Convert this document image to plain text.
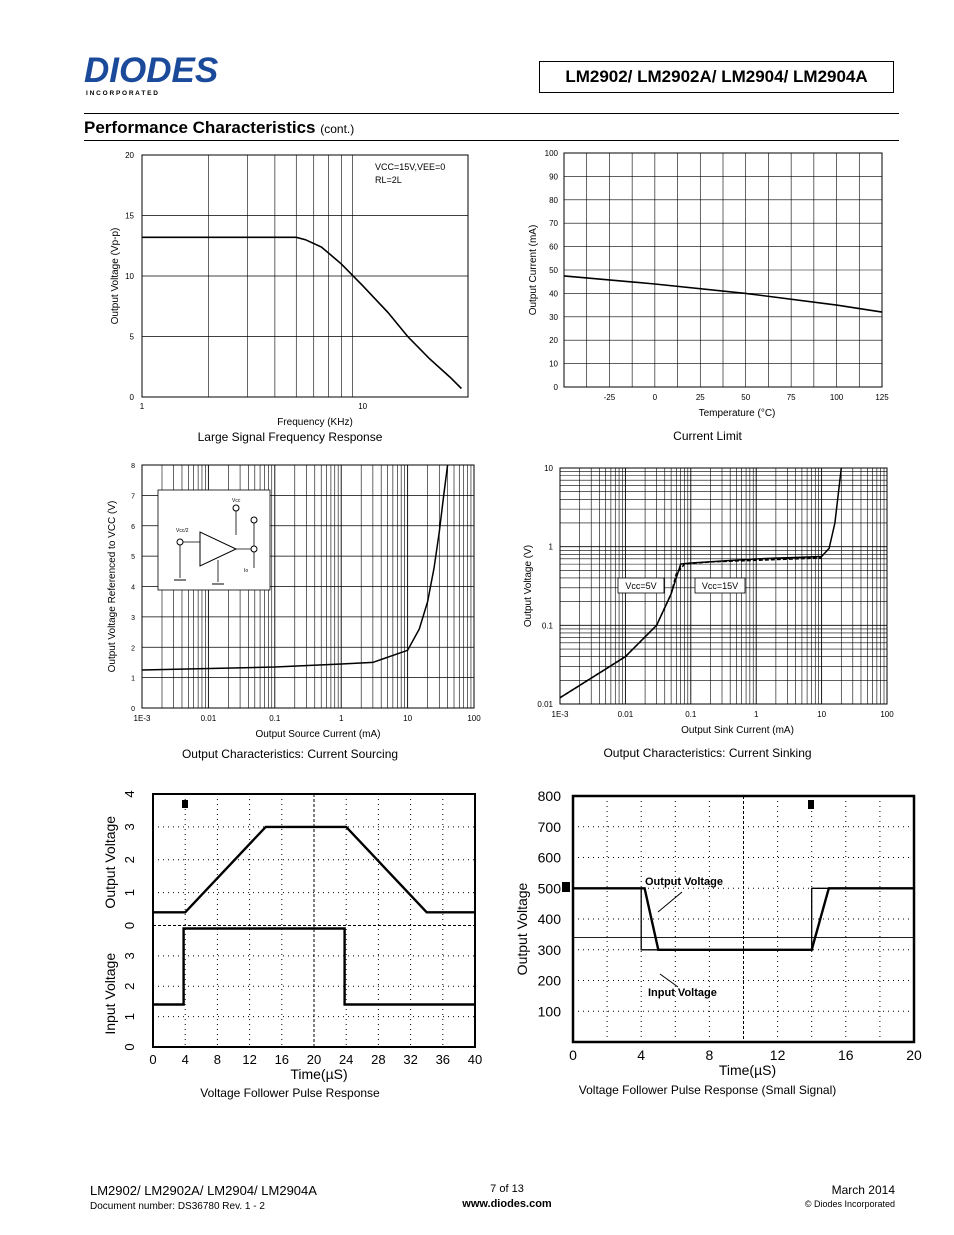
DIODES
I N C O R P O R A T E D
LM2902/ LM2902A/ LM2904/ LM2904A
Performance Characteristics (cont.)
20
15
10
5
0
1	10
Frequency (KHz)
Output Voltage (Vp-p)
VCC=15V,VEE=0
RL=2L
Large Signal Frequency Response
100
90
80
70
60
50
40
30
20
10
0
-25	0	25	50	75	100	125
Temperature (°C)
Output Current (mA)
Current Limit
8
7
6
5
4
3
2
1
0
1E-3	0.01	0.1	1	10	100
Output Source Current (mA)
Output Voltage Referenced to VCC (V)	Vcc
Vcc/2
Io
Output Characteristics: Current Sourcing
10
1
0.1
0.01
1E-3	0.01	0.1	1	10	100
Output Sink Current (mA)
Output Voltage (V)	Vcc=5V	Vcc=15V
Output Characteristics: Current Sinking
0 4 8 12 16 20 24 28 32 36 40
4
3
2
1
0
3
2
1
0
Time(µS)
Output Voltage
Input Voltage
Voltage Follower Pulse Response
800
700
600
500
400
300
200
100
0	4	8	12	16	20
Time(µS)
Output Voltage
Output Voltage
Input Voltage
Voltage Follower Pulse Response (Small Signal)
LM2902/ LM2902A/ LM2904/ LM2904A
Document number: DS36780 Rev. 1 - 2
7 of 13
www.diodes.com
March 2014
© Diodes Incorporated
